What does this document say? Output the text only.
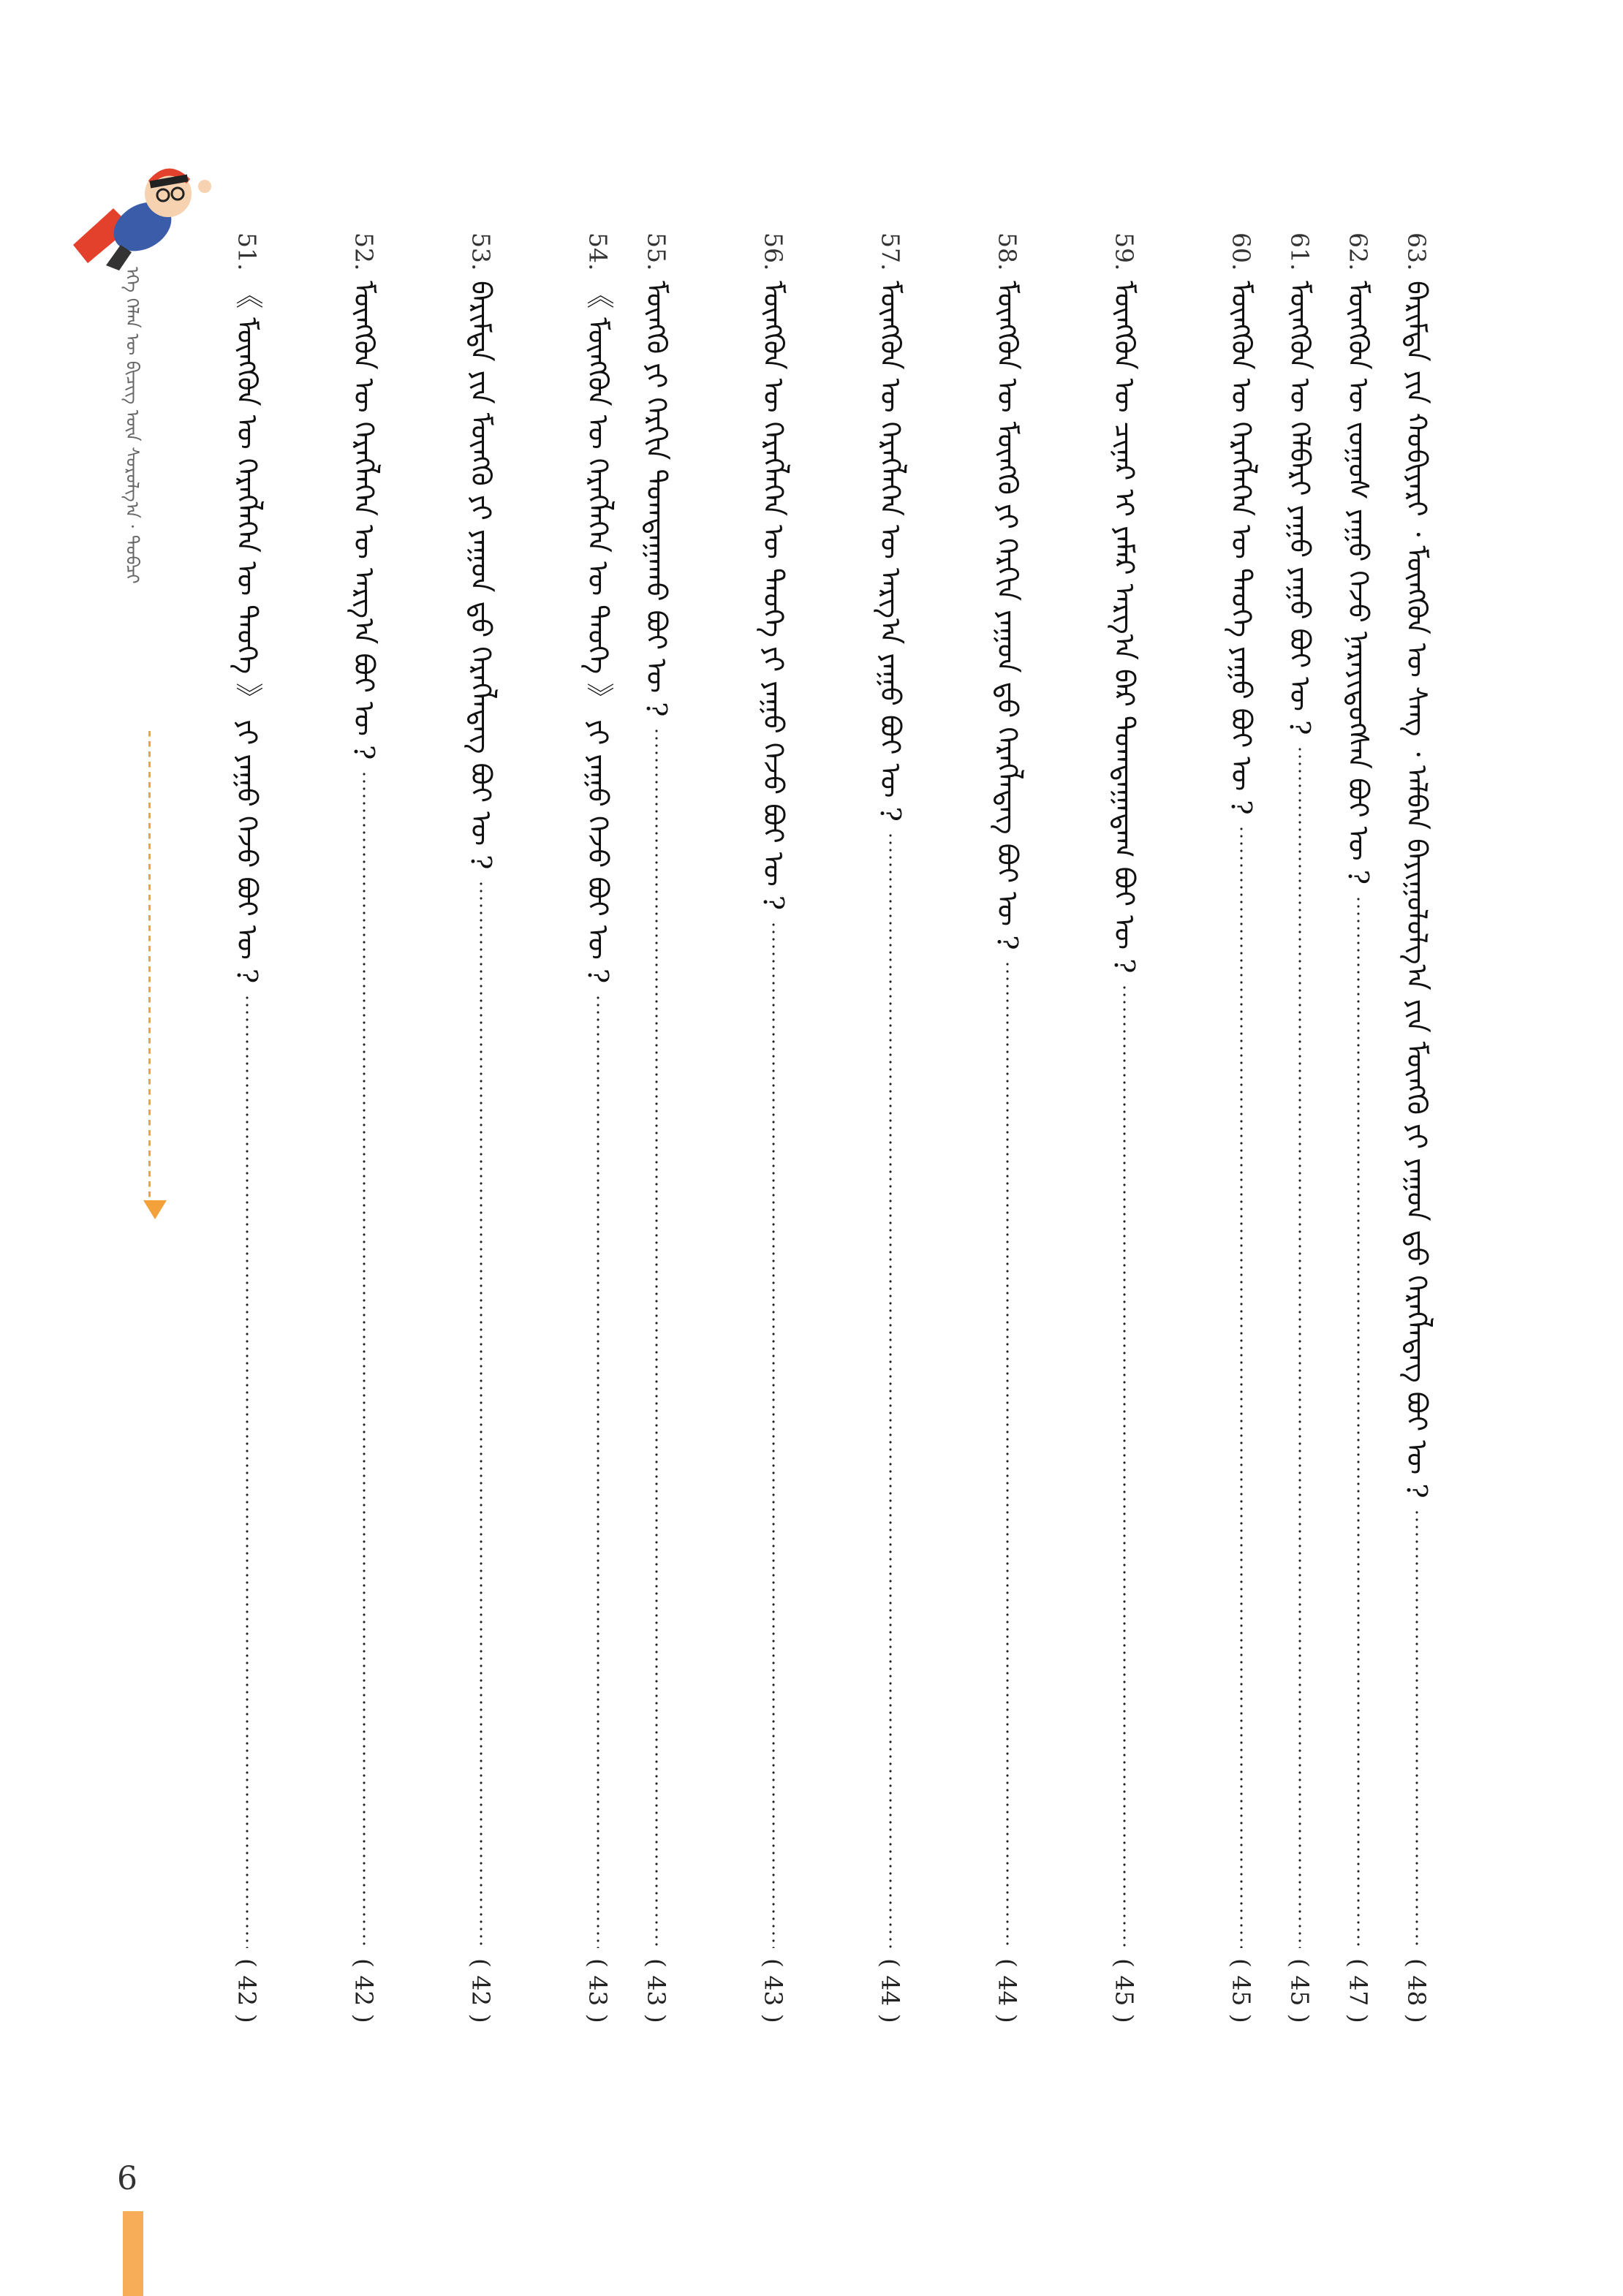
ᠡᠬᠡ ᠬᠡᠯᠡᠨ ᠦ ᠪᠢᠴᠢᠭ ᠦᠨ ᠰᠤᠷᠤᠯᠭ᠎ᠠ · ᠲᠣᠪᠴᠢ
63.
ᠪᠠᠷᠢᠮᠲᠠ ᠶᠢᠨ ᠬᠤᠪᠢᠶᠠᠷᠢ ᠂ ᠮᠥᠩᠭᠦᠨ ᠦ ᠰᠠᠩ ᠂ ᠠᠯᠪᠠᠨ ᠪᠠᠶᠢᠭᠤᠯᠤᠯᠭ᠎ᠠ ᠶᠢᠨ ᠮᠥᠩᠭᠦ ᠶᠢ ᠶᠠᠭᠤᠨ ᠳ᠋ᠤ ᠬᠡᠷᠡᠭᠯᠡᠳᠡᠭ ᠪᠤᠢ ᠦ ?
( 48 )
62.
ᠮᠥᠩᠭᠦᠨ ᠦ ᠵᠣᠭᠣᠰ ᠶᠠᠭᠤ ᠭᠡᠵᠦ ᠨᠡᠷᠡᠶᠢᠳᠦᠭᠰᠡᠨ ᠪᠤᠢ ᠦ ?
( 47 )
61.
ᠮᠥᠩᠭᠦᠨ ᠦ ᠬᠡᠯᠪᠡᠷᠢ ᠶᠠᠭᠤ ᠶᠠᠭᠤ ᠪᠤᠢ ᠦ ?
( 45 )
60.
ᠮᠥᠩᠭᠦᠨ ᠦ ᠬᠡᠷᠡᠭᠯᠡᠭᠡᠨ ᠦ ᠲᠡᠦᠬᠡ ᠶᠠᠭᠤ ᠪᠤᠢ ᠦ ?
( 45 )
59.
ᠮᠥᠩᠭᠦᠨ ᠦ ᠴᠢᠨᠠᠷ ᠢ ᠶᠠᠮᠠᠷ ᠠᠷᠭ᠎ᠠ ᠪᠠᠷ ᠲᠣᠭᠲᠠᠭᠠᠳᠠᠭ ᠪᠤᠢ ᠦ ?
( 45 )
58.
ᠮᠥᠩᠭᠦᠨ ᠦ ᠮᠥᠩᠭᠦ ᠶᠢ ᠬᠡᠷᠬᠢᠨ ᠶᠠᠭᠤᠨ ᠳ᠋ᠤ ᠬᠡᠷᠡᠭᠯᠡᠳᠡᠭ ᠪᠤᠢ ᠦ ?
( 44 )
57.
ᠮᠥᠩᠭᠦᠨ ᠦ ᠬᠡᠷᠡᠭᠯᠡᠭᠡᠨ ᠦ ᠠᠷᠭ᠎ᠠ ᠶᠠᠭᠤ ᠪᠤᠢ ᠦ ?
( 44 )
56.
ᠮᠥᠩᠭᠦᠨ ᠦ ᠬᠡᠷᠡᠭᠯᠡᠭᠡᠨ ᠦ ᠲᠡᠦᠬᠡ ᠶᠢ ᠶᠠᠭᠤ ᠭᠡᠵᠦ ᠪᠤᠢ ᠦ ?
( 43 )
55.
ᠮᠥᠩᠭᠦ ᠶᠢ ᠬᠡᠷᠬᠢᠨ ᠲᠣᠭᠲᠠᠭᠠᠬᠤ ᠪᠤᠢ ᠦ ?
( 43 )
54.
《 ᠮᠥᠩᠭᠦᠨ ᠦ ᠬᠡᠷᠡᠭᠯᠡᠭᠡᠨ ᠦ ᠲᠡᠦᠬᠡ 》 ᠶᠢ ᠶᠠᠭᠤ ᠭᠡᠵᠦ ᠪᠤᠢ ᠦ ?
( 43 )
53.
ᠪᠠᠷᠢᠮᠲᠠ ᠶᠢᠨ ᠮᠥᠩᠭᠦ ᠶᠢ ᠶᠠᠭᠤᠨ ᠳ᠋ᠤ ᠬᠡᠷᠡᠭᠯᠡᠳᠡᠭ ᠪᠤᠢ ᠦ ?
( 42 )
52.
ᠮᠥᠩᠭᠦᠨ ᠦ ᠬᠡᠷᠡᠭᠯᠡᠭᠡᠨ ᠦ ᠠᠷᠭ᠎ᠠ ᠪᠤᠢ ᠦ ?
( 42 )
51.
《 ᠮᠥᠩᠭᠦᠨ ᠦ ᠬᠡᠷᠡᠭᠯᠡᠭᠡᠨ ᠦ ᠲᠡᠦᠬᠡ 》 ᠶᠢ ᠶᠠᠭᠤ ᠭᠡᠵᠦ ᠪᠤᠢ ᠦ ?
( 42 )
6
